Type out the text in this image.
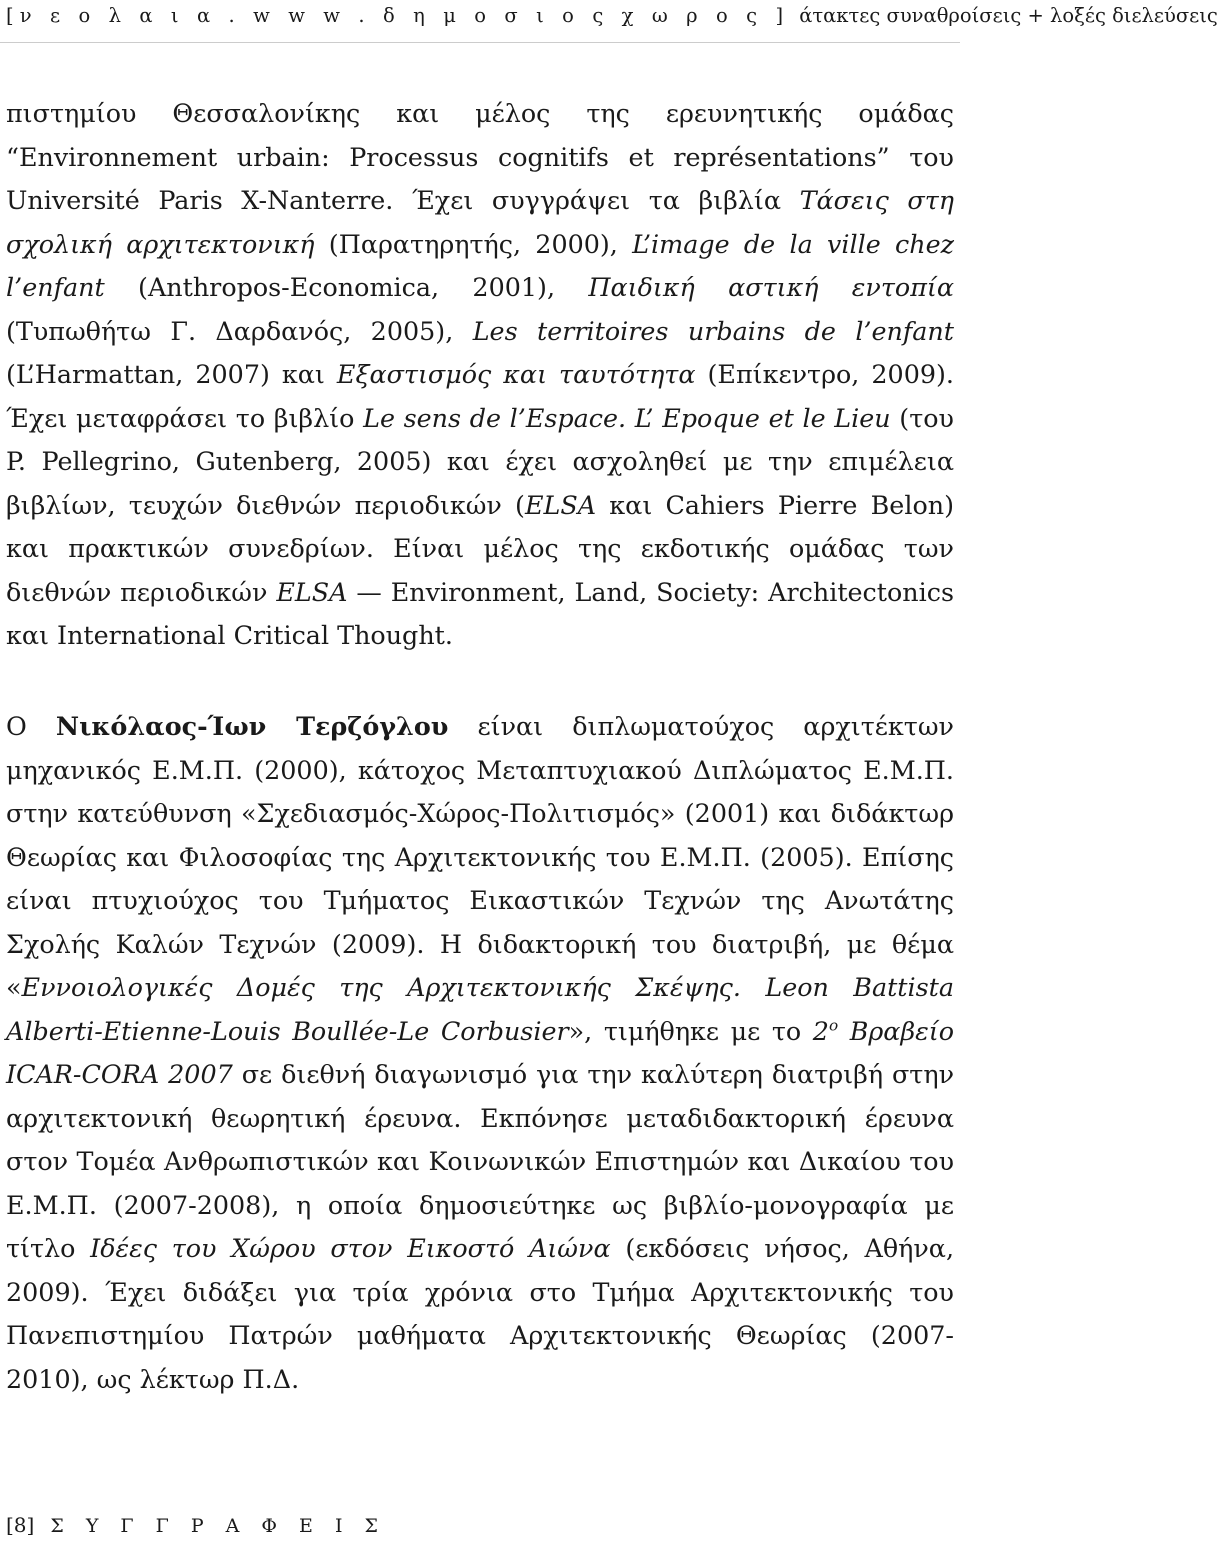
[ν ε ο λ α ι α . w w w . δ η μ ο σ ι ο ς χ ω ρ ο ς ] άτακτες συναθροίσεις + λοξές διελεύσεις

πιστημίου Θεσσαλονίκης και μέλος της ερευνητικής ομάδας “Environnement urbain: Processus cognitifs et représentations” του Université Paris X-Nanterre. Έχει συγγράψει τα βιβλία Τάσεις στη σχολική αρχιτεκτονική (Παρατηρητής, 2000), L’image de la ville chez l’enfant (Anthropos-Economica, 2001), Παιδική αστική εντοπία (Τυπωθήτω Γ. Δαρδανός, 2005), Les territoires urbains de l’enfant (L’Harmattan, 2007) και Εξαστισμός και ταυτότητα (Επίκεντρο, 2009). Έχει μεταφράσει το βιβλίο Le sens de l’Espace. L’ Epoque et le Lieu (του P. Pellegrino, Gutenberg, 2005) και έχει ασχοληθεί με την επιμέλεια βιβλίων, τευχών διεθνών περιοδικών (ELSA και Cahiers Pierre Belon) και πρακτικών συνεδρίων. Είναι μέλος της εκδοτικής ομάδας των διεθνών περιοδικών ELSA — Environment, Land, Society: Architectonics και International Critical Thought.

Ο Νικόλαος-Ίων Τερζόγλου είναι διπλωματούχος αρχιτέκτων μηχανικός Ε.Μ.Π. (2000), κάτοχος Μεταπτυχιακού Διπλώματος Ε.Μ.Π. στην κατεύθυνση «Σχεδιασμός-Χώρος-Πολιτισμός» (2001) και διδάκτωρ Θεωρίας και Φιλοσοφίας της Αρχιτεκτονικής του Ε.Μ.Π. (2005). Επίσης είναι πτυχιούχος του Τμήματος Εικαστικών Τεχνών της Ανωτάτης Σχολής Καλών Τεχνών (2009). Η διδακτορική του διατριβή, με θέμα «Εννοιολογικές Δομές της Αρχιτεκτονικής Σκέψης. Leon Battista Alberti-Etienne-Louis Boullée-Le Corbusier», τιμήθηκε με το $2^o$ Βραβείο ICAR-CORA 2007 σε διεθνή διαγωνισμό για την καλύτερη διατριβή στην αρχιτεκτονική θεωρητική έρευνα. Εκπόνησε μεταδιδακτορική έρευνα στον Τομέα Ανθρωπιστικών και Κοινωνικών Επιστημών και Δικαίου του Ε.Μ.Π. (2007-2008), η οποία δημοσιεύτηκε ως βιβλίο-μονογραφία με τίτλο Ιδέες του Χώρου στον Εικοστό Αιώνα (εκδόσεις νήσος, Αθήνα, 2009). Έχει διδάξει για τρία χρόνια στο Τμήμα Αρχιτεκτονικής του Πανεπιστημίου Πατρών μαθήματα Αρχιτεκτονικής Θεωρίας (2007-2010), ως λέκτωρ Π.Δ.

[8] Σ Υ Γ Γ Ρ Α Φ Ε Ι Σ
